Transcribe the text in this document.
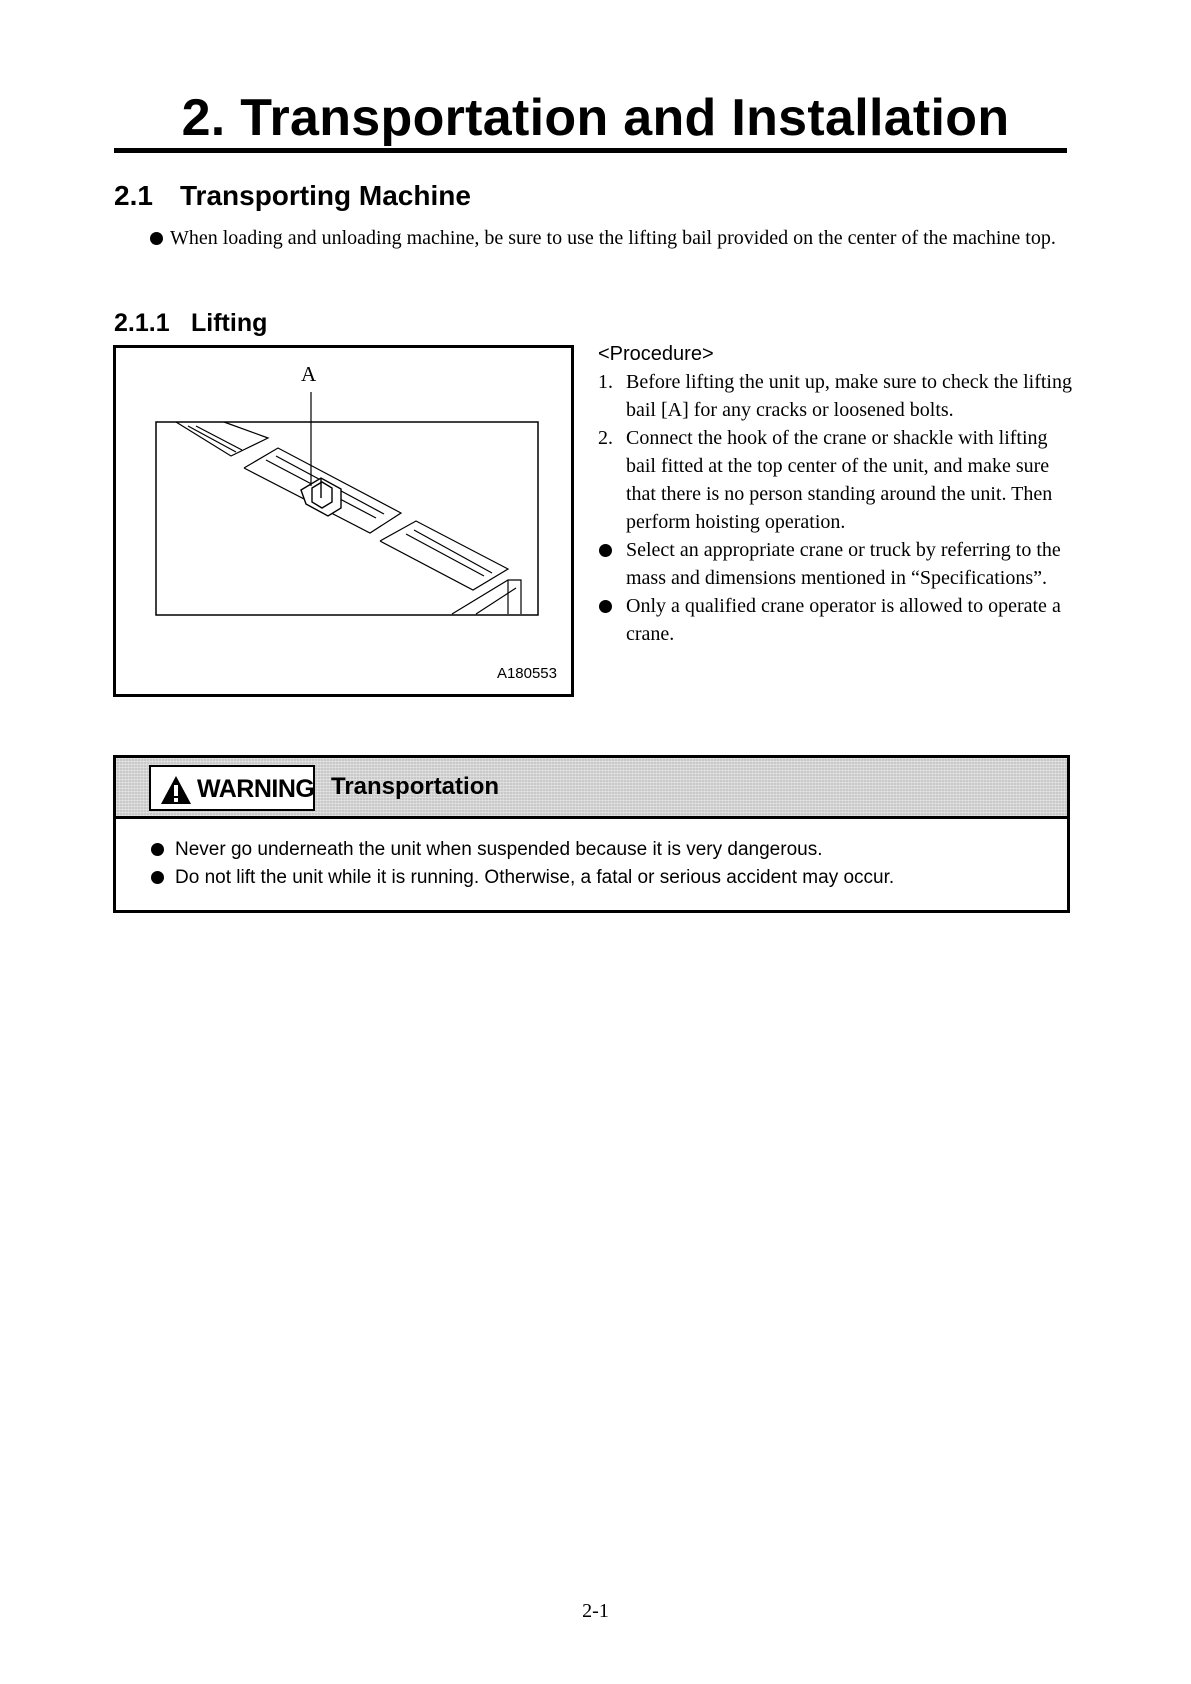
2. Transportation and Installation
2.1 Transporting Machine
When loading and unloading machine, be sure to use the lifting bail provided on the center of the machine top.
2.1.1 Lifting
A
A180553
<Procedure>
1. Before lifting the unit up, make sure to check the lifting bail [A] for any cracks or loosened bolts.
2. Connect the hook of the crane or shackle with lifting bail fitted at the top center of the unit, and make sure that there is no person standing around the unit. Then perform hoisting operation.
Select an appropriate crane or truck by referring to the mass and dimensions mentioned in “Specifications”.
Only a qualified crane operator is allowed to operate a crane.
WARNING Transportation
Never go underneath the unit when suspended because it is very dangerous.
Do not lift the unit while it is running. Otherwise, a fatal or serious accident may occur.
2-1
